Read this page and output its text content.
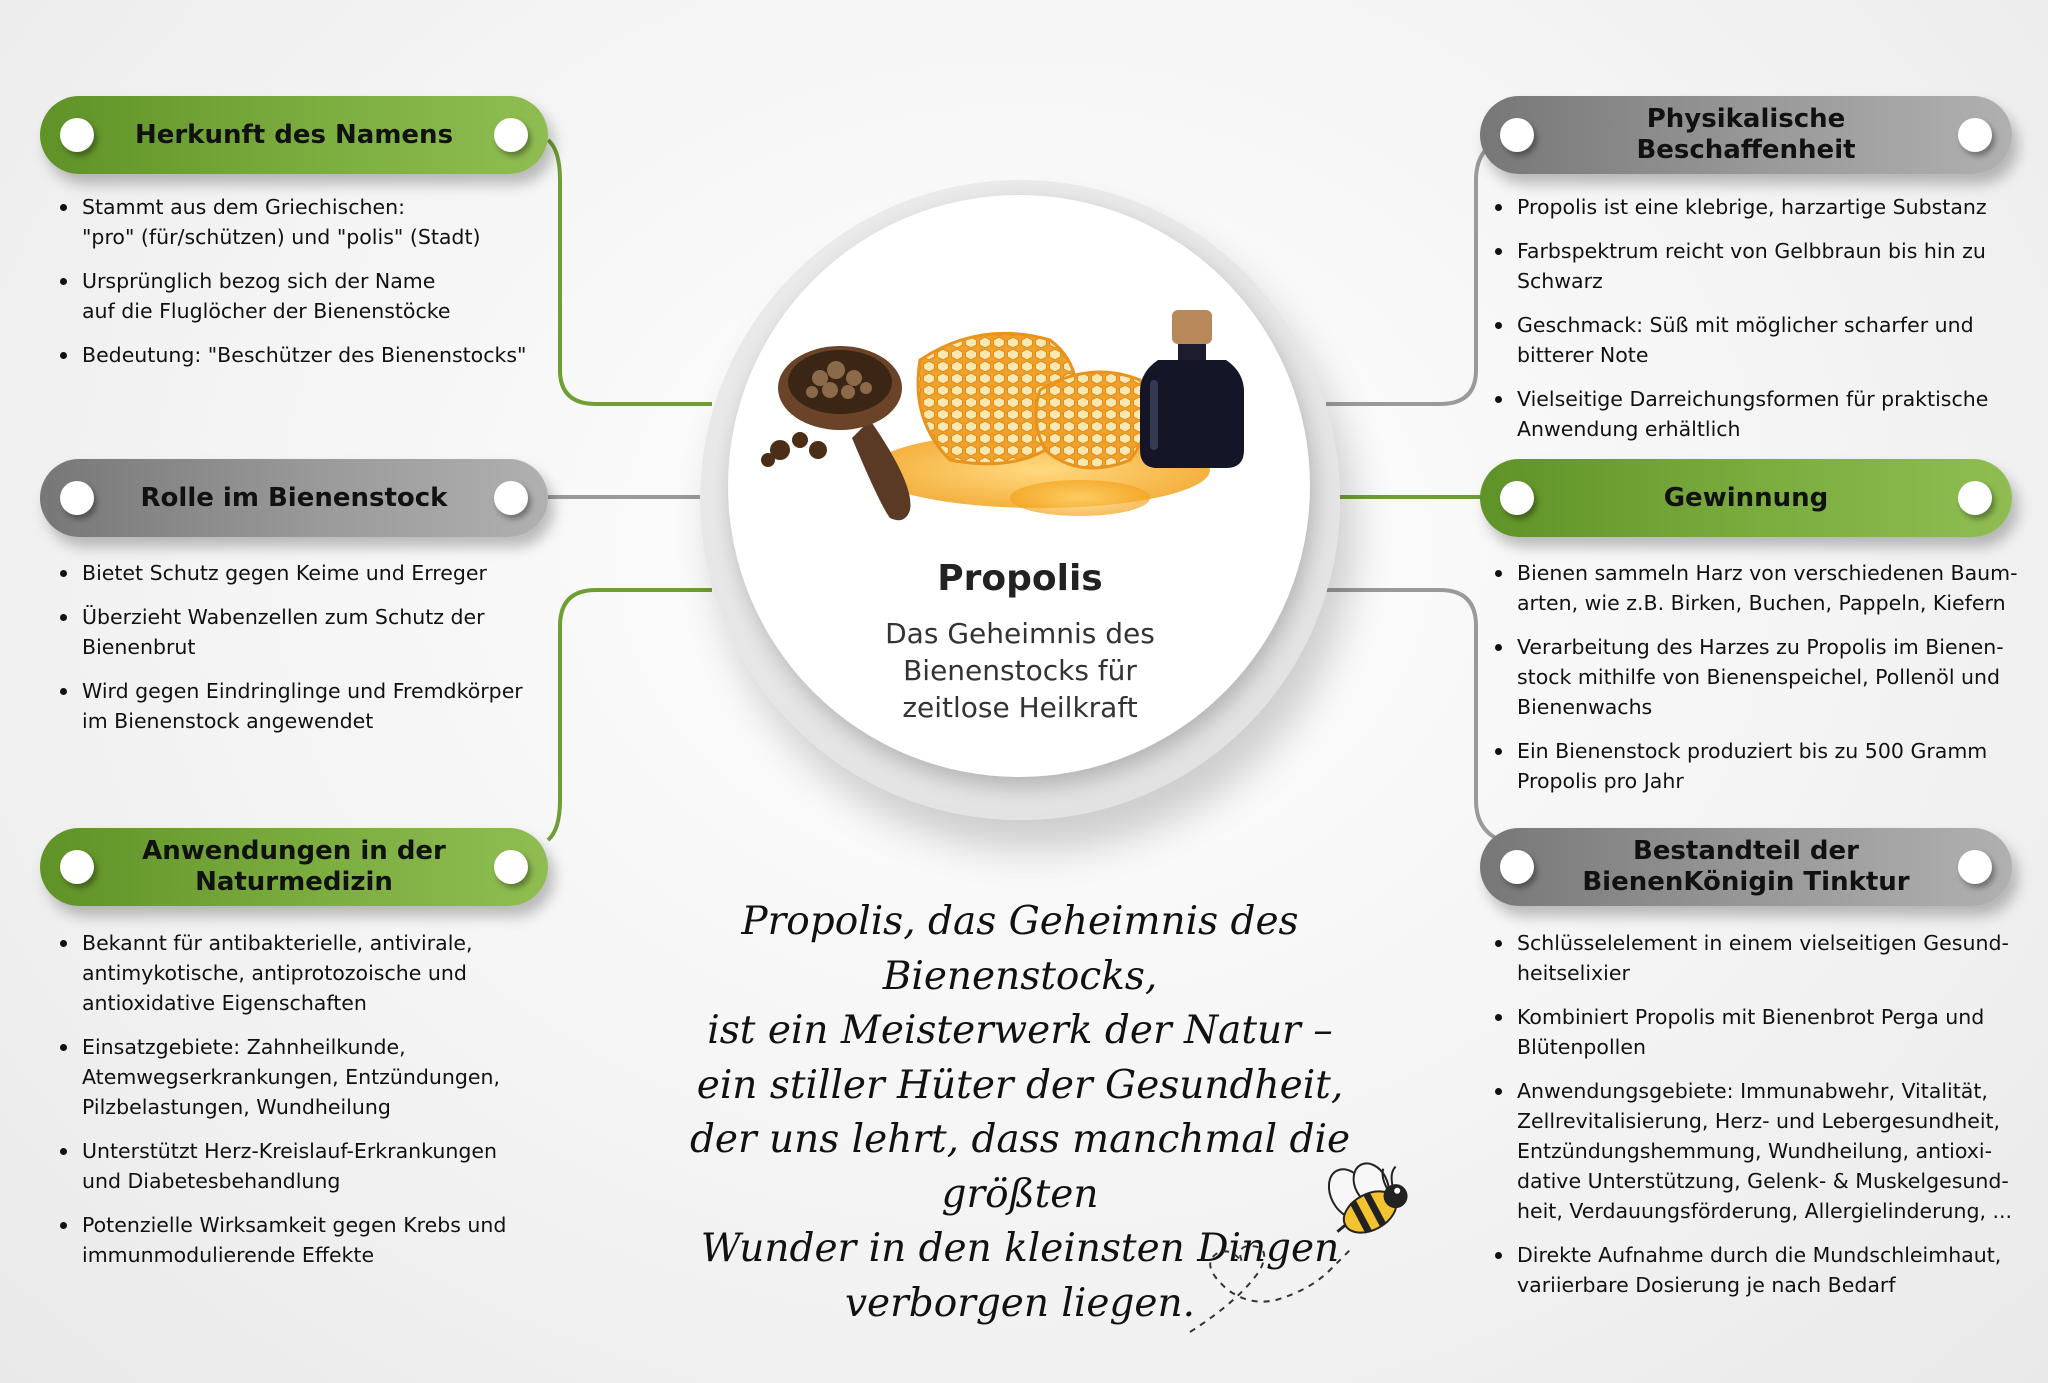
Propolis
Das Geheimnis des
Bienenstocks für
zeitlose Heilkraft
Herkunft des Namens
Stammt aus dem Griechischen:
"pro" (für/schützen) und "polis" (Stadt)
Ursprünglich bezog sich der Name
auf die Fluglöcher der Bienenstöcke
Bedeutung: "Beschützer des Bienenstocks"
Rolle im Bienenstock
Bietet Schutz gegen Keime und Erreger
Überzieht Wabenzellen zum Schutz der
Bienenbrut
Wird gegen Eindringlinge und Fremdkörper
im Bienenstock angewendet
Anwendungen in der
Naturmedizin
Bekannt für antibakterielle, antivirale,
antimykotische, antiprotozoische und
antioxidative Eigenschaften
Einsatzgebiete: Zahnheilkunde,
Atemwegserkrankungen, Entzündungen,
Pilzbelastungen, Wundheilung
Unterstützt Herz-Kreislauf-Erkrankungen
und Diabetesbehandlung
Potenzielle Wirksamkeit gegen Krebs und
immunmodulierende Effekte
Physikalische
Beschaffenheit
Propolis ist eine klebrige, harzartige Substanz
Farbspektrum reicht von Gelbbraun bis hin zu
Schwarz
Geschmack: Süß mit möglicher scharfer und
bitterer Note
Vielseitige Darreichungsformen für praktische
Anwendung erhältlich
Gewinnung
Bienen sammeln Harz von verschiedenen Baum-
arten, wie z.B. Birken, Buchen, Pappeln, Kiefern
Verarbeitung des Harzes zu Propolis im Bienen-
stock mithilfe von Bienenspeichel, Pollenöl und
Bienenwachs
Ein Bienenstock produziert bis zu 500 Gramm
Propolis pro Jahr
Bestandteil der
BienenKönigin Tinktur
Schlüsselelement in einem vielseitigen Gesund-
heitselixier
Kombiniert Propolis mit Bienenbrot Perga und
Blütenpollen
Anwendungsgebiete: Immunabwehr, Vitalität,
Zellrevitalisierung, Herz- und Lebergesundheit,
Entzündungshemmung, Wundheilung, antioxi-
dative Unterstützung, Gelenk- & Muskelgesund-
heit, Verdauungsförderung, Allergielinderung, ...
Direkte Aufnahme durch die Mundschleimhaut,
variierbare Dosierung je nach Bedarf
Propolis, das Geheimnis des Bienenstocks,
ist ein Meisterwerk der Natur –
ein stiller Hüter der Gesundheit,
der uns lehrt, dass manchmal die größten
Wunder in den kleinsten Dingen
verborgen liegen.
